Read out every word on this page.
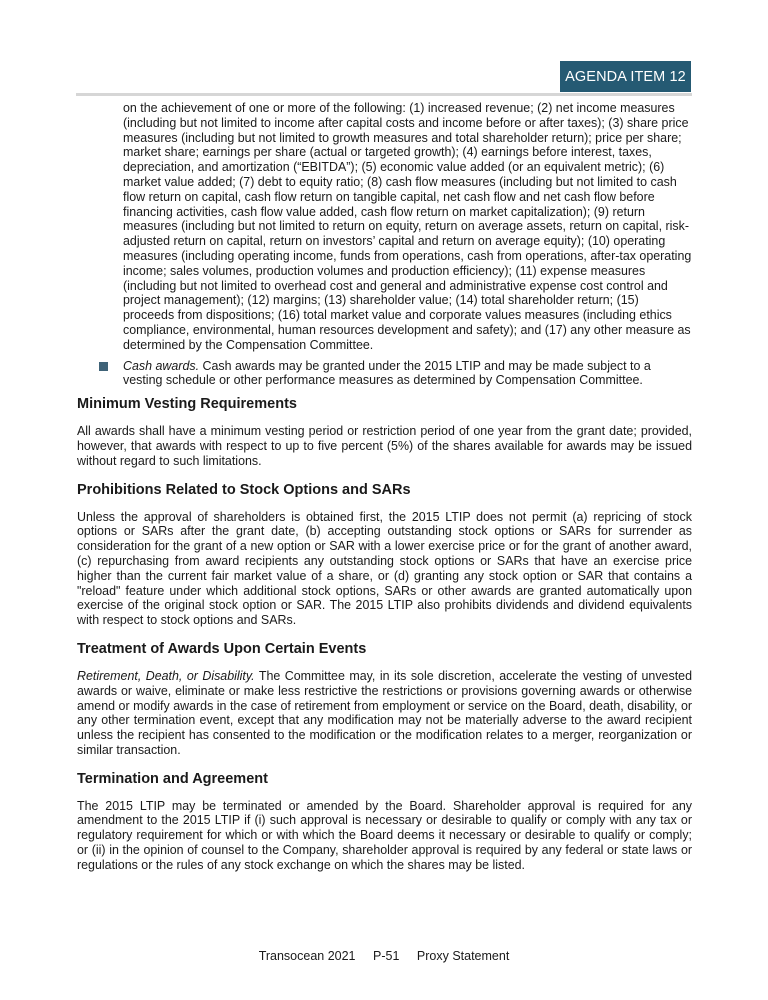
AGENDA ITEM 12
on the achievement of one or more of the following: (1) increased revenue; (2) net income measures (including but not limited to income after capital costs and income before or after taxes); (3) share price measures (including but not limited to growth measures and total shareholder return); price per share; market share; earnings per share (actual or targeted growth); (4) earnings before interest, taxes, depreciation, and amortization (“EBITDA”); (5) economic value added (or an equivalent metric); (6) market value added; (7) debt to equity ratio; (8) cash flow measures (including but not limited to cash flow return on capital, cash flow return on tangible capital, net cash flow and net cash flow before financing activities, cash flow value added, cash flow return on market capitalization); (9) return measures (including but not limited to return on equity, return on average assets, return on capital, risk-adjusted return on capital, return on investors’ capital and return on average equity); (10) operating measures (including operating income, funds from operations, cash from operations, after-tax operating income; sales volumes, production volumes and production efficiency); (11) expense measures (including but not limited to overhead cost and general and administrative expense cost control and project management); (12) margins; (13) shareholder value; (14) total shareholder return; (15) proceeds from dispositions; (16) total market value and corporate values measures (including ethics compliance, environmental, human resources development and safety); and (17) any other measure as determined by the Compensation Committee.
Cash awards. Cash awards may be granted under the 2015 LTIP and may be made subject to a vesting schedule or other performance measures as determined by Compensation Committee.
Minimum Vesting Requirements

All awards shall have a minimum vesting period or restriction period of one year from the grant date; provided, however, that awards with respect to up to five percent (5%) of the shares available for awards may be issued without regard to such limitations.

Prohibitions Related to Stock Options and SARs

Unless the approval of shareholders is obtained first, the 2015 LTIP does not permit (a) repricing of stock options or SARs after the grant date, (b) accepting outstanding stock options or SARs for surrender as consideration for the grant of a new option or SAR with a lower exercise price or for the grant of another award, (c) repurchasing from award recipients any outstanding stock options or SARs that have an exercise price higher than the current fair market value of a share, or (d) granting any stock option or SAR that contains a "reload" feature under which additional stock options, SARs or other awards are granted automatically upon exercise of the original stock option or SAR. The 2015 LTIP also prohibits dividends and dividend equivalents with respect to stock options and SARs.

Treatment of Awards Upon Certain Events

Retirement, Death, or Disability. The Committee may, in its sole discretion, accelerate the vesting of unvested awards or waive, eliminate or make less restrictive the restrictions or provisions governing awards or otherwise amend or modify awards in the case of retirement from employment or service on the Board, death, disability, or any other termination event, except that any modification may not be materially adverse to the award recipient unless the recipient has consented to the modification or the modification relates to a merger, reorganization or similar transaction.

Termination and Agreement

The 2015 LTIP may be terminated or amended by the Board. Shareholder approval is required for any amendment to the 2015 LTIP if (i) such approval is necessary or desirable to qualify or comply with any tax or regulatory requirement for which or with which the Board deems it necessary or desirable to qualify or comply; or (ii) in the opinion of counsel to the Company, shareholder approval is required by any federal or state laws or regulations or the rules of any stock exchange on which the shares may be listed.

Transocean 2021 P-51 Proxy Statement
